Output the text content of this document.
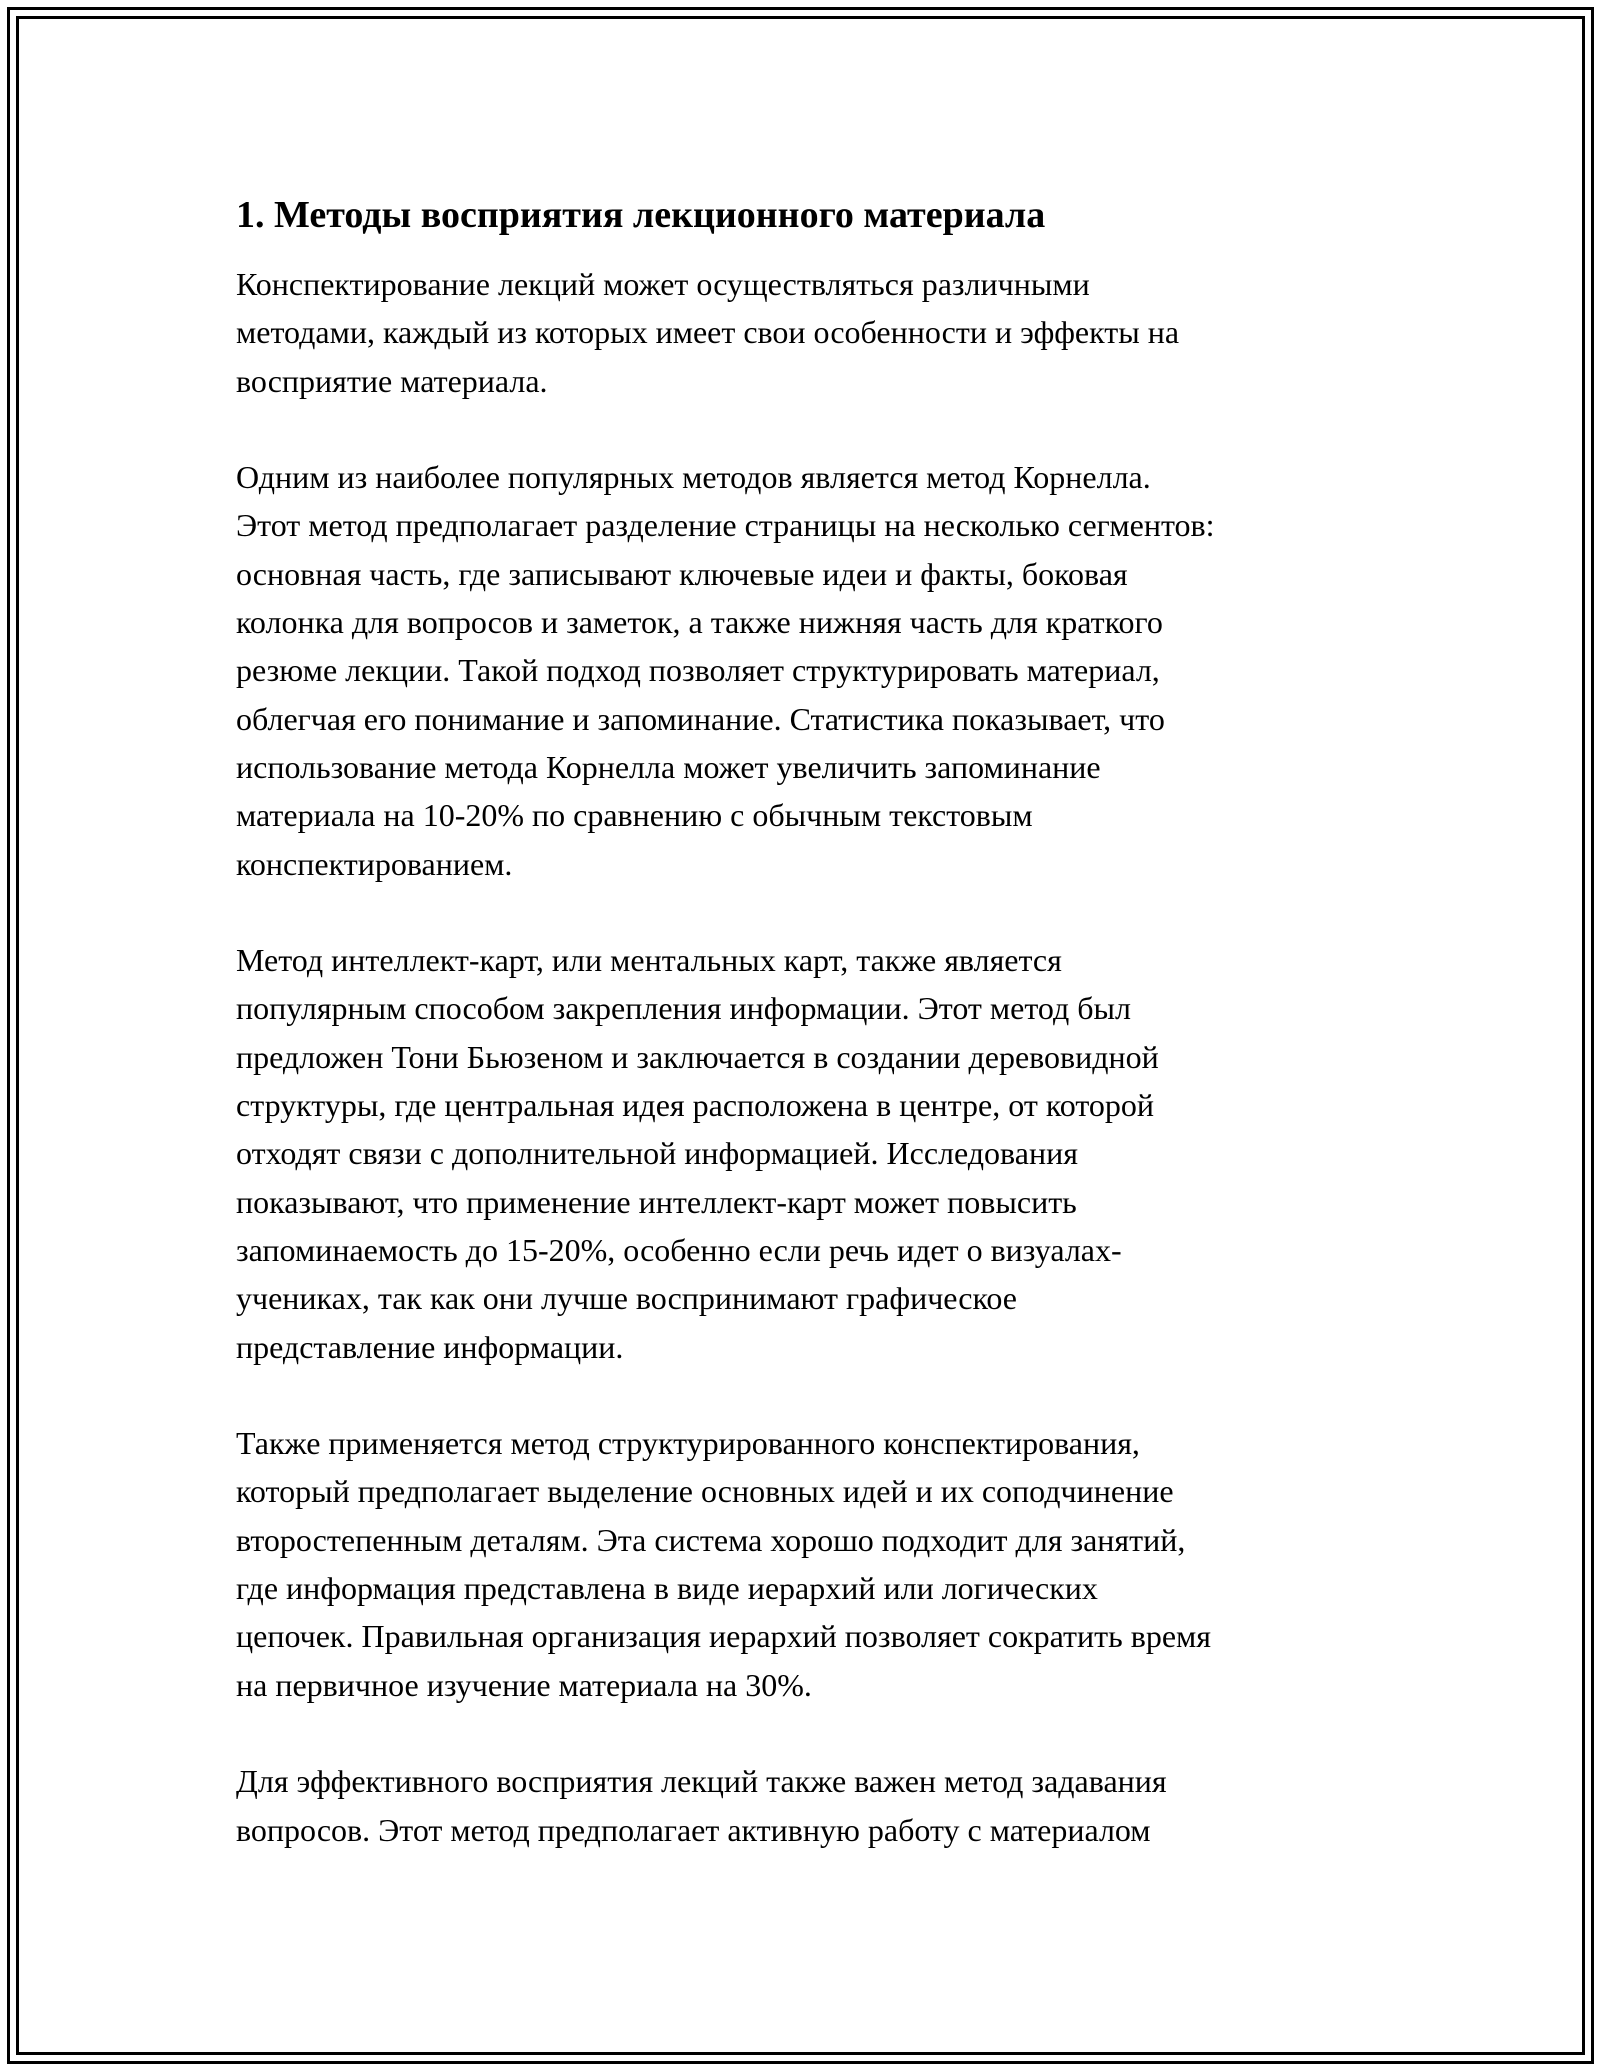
1. Методы восприятия лекционного материала

Конспектирование лекций может осуществляться различными
методами, каждый из которых имеет свои особенности и эффекты на
восприятие материала.

Одним из наиболее популярных методов является метод Корнелла.
Этот метод предполагает разделение страницы на несколько сегментов:
основная часть, где записывают ключевые идеи и факты, боковая
колонка для вопросов и заметок, а также нижняя часть для краткого
резюме лекции. Такой подход позволяет структурировать материал,
облегчая его понимание и запоминание. Статистика показывает, что
использование метода Корнелла может увеличить запоминание
материала на 10-20% по сравнению с обычным текстовым
конспектированием.

Метод интеллект-карт, или ментальных карт, также является
популярным способом закрепления информации. Этот метод был
предложен Тони Бьюзеном и заключается в создании деревовидной
структуры, где центральная идея расположена в центре, от которой
отходят связи с дополнительной информацией. Исследования
показывают, что применение интеллект-карт может повысить
запоминаемость до 15-20%, особенно если речь идет о визуалах-
учениках, так как они лучше воспринимают графическое
представление информации.

Также применяется метод структурированного конспектирования,
который предполагает выделение основных идей и их соподчинение
второстепенным деталям. Эта система хорошо подходит для занятий,
где информация представлена в виде иерархий или логических
цепочек. Правильная организация иерархий позволяет сократить время
на первичное изучение материала на 30%.

Для эффективного восприятия лекций также важен метод задавания
вопросов. Этот метод предполагает активную работу с материалом
